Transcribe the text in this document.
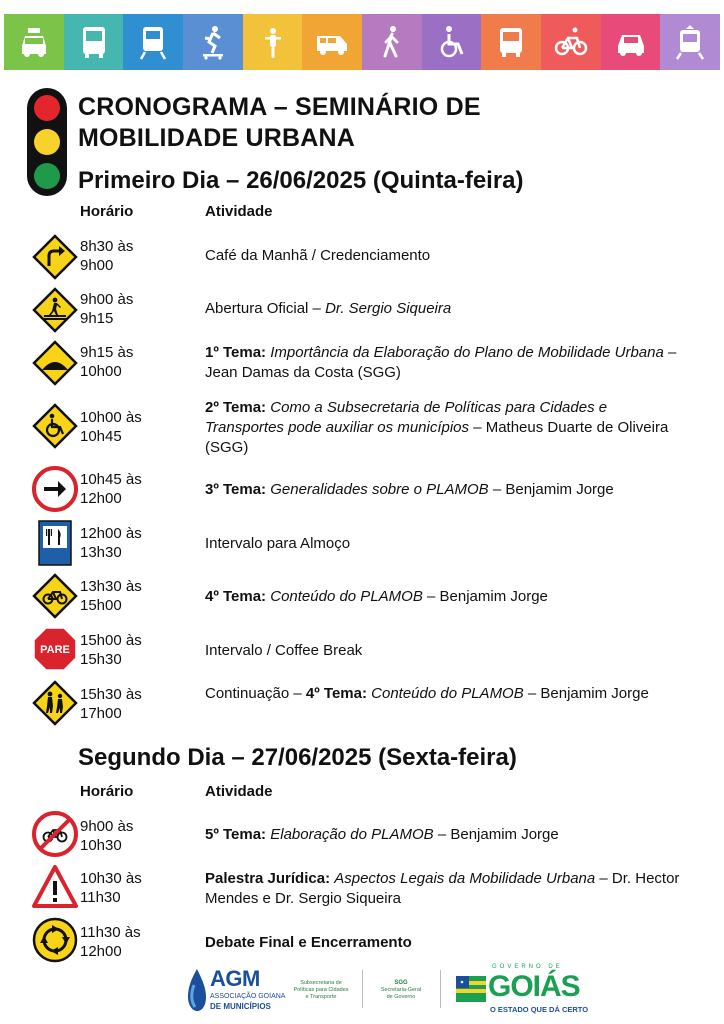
CRONOGRAMA – SEMINÁRIO DE
MOBILIDADE URBANA
Primeiro Dia – 26/06/2025 (Quinta-feira)
Horário	Atividade
8h30 às
9h00
Café da Manhã / Credenciamento
9h00 às
9h15
Abertura Oficial – Dr. Sergio Siqueira
9h15 às
10h00
1º Tema: Importância da Elaboração do Plano de Mobilidade Urbana – Jean Damas da Costa (SGG)
10h00 às
10h45
2º Tema: Como a Subsecretaria de Políticas para Cidades e Transportes pode auxiliar os municípios – Matheus Duarte de Oliveira (SGG)
10h45 às
12h00
3º Tema: Generalidades sobre o PLAMOB – Benjamim Jorge
12h00 às
13h30
Intervalo para Almoço
13h30 às
15h00
4º Tema: Conteúdo do PLAMOB – Benjamim Jorge
PARE
15h00 às
15h30
Intervalo / Coffee Break
15h30 às
17h00
Continuação – 4º Tema: Conteúdo do PLAMOB – Benjamim Jorge
Segundo Dia – 27/06/2025 (Sexta-feira)
Horário	Atividade
9h00 às
10h30
5º Tema: Elaboração do PLAMOB – Benjamim Jorge
10h30 às
11h30
Palestra Jurídica: Aspectos Legais da Mobilidade Urbana – Dr. Hector Mendes e Dr. Sergio Siqueira
11h30 às
12h00
Debate Final e Encerramento
AGM
ASSOCIAÇÃO GOIANA
DE MUNICÍPIOS
Subsecretaria de
Políticas para Cidades
e Transporte
SGG
Secretaria-Geral
de Governo
GOVERNO DE
GOIÁS
O ESTADO QUE DÁ CERTO
